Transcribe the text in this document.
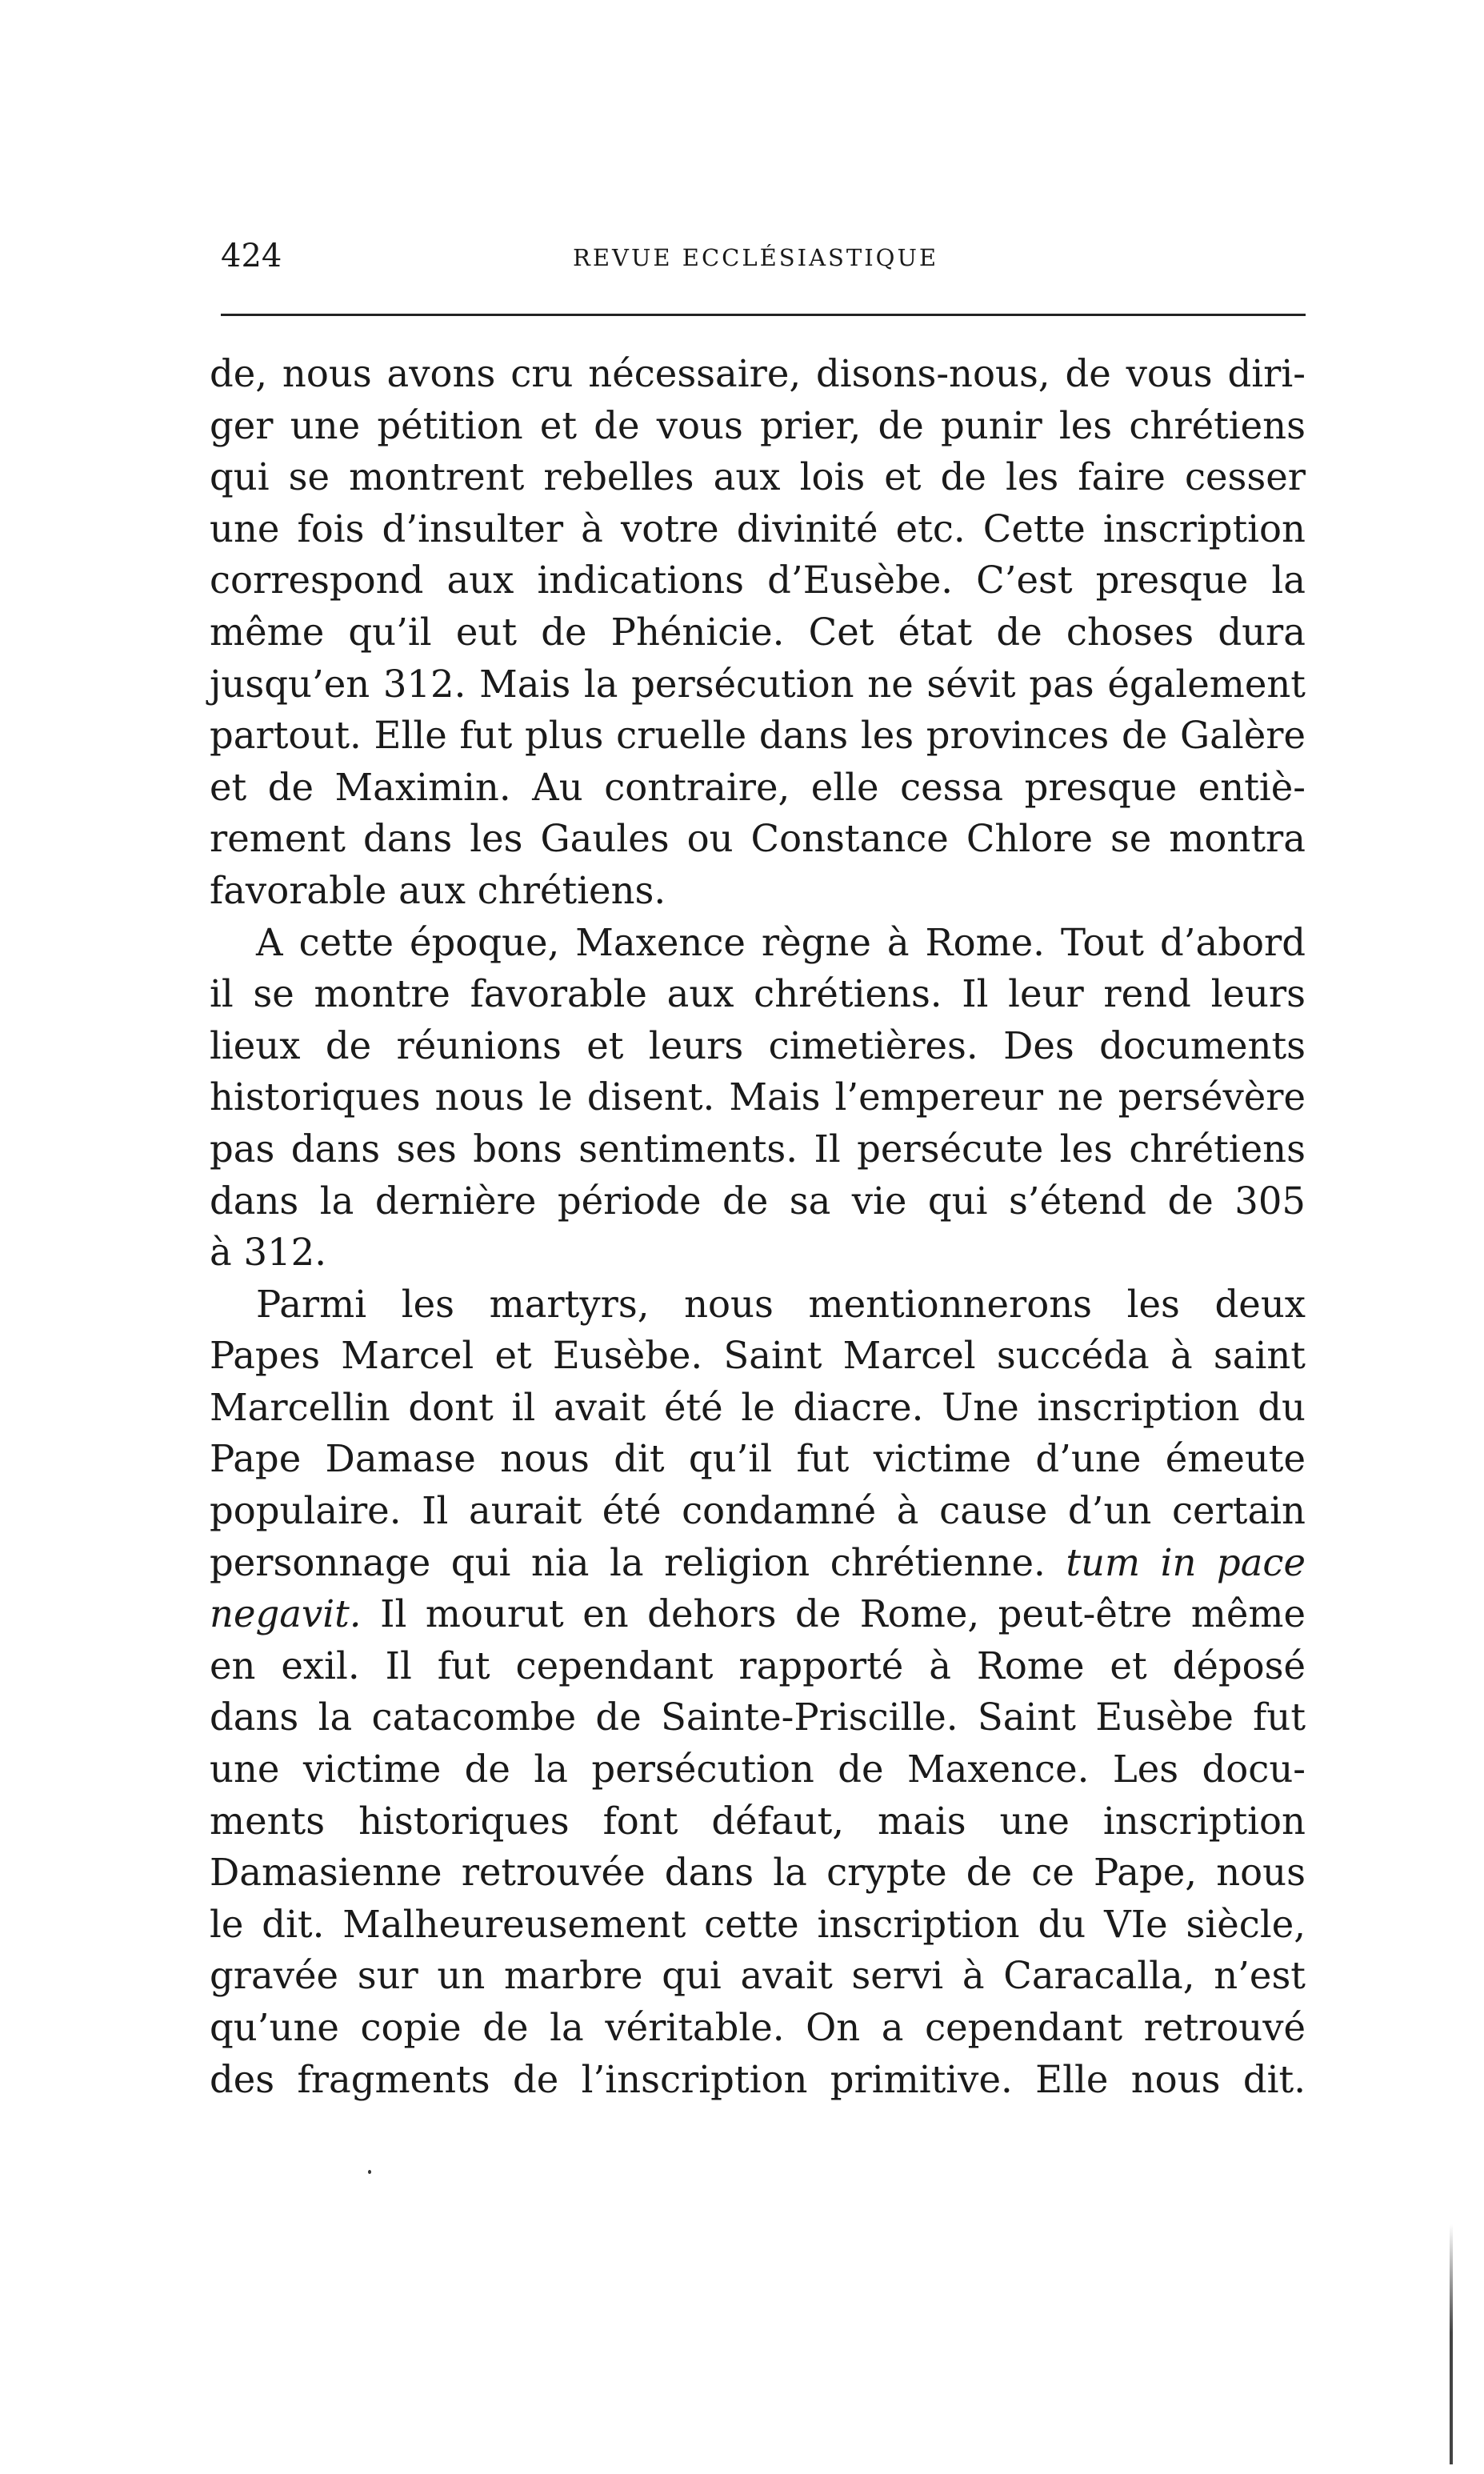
424	REVUE ECCLÉSIASTIQUE
de, nous avons cru nécessaire, disons-nous, de vous diri-
ger une pétition et de vous prier, de punir les chrétiens
qui se montrent rebelles aux lois et de les faire cesser
une fois d’insulter à votre divinité etc. Cette inscription
correspond aux indications d’Eusèbe. C’est presque la
même qu’il eut de Phénicie. Cet état de choses dura
jusqu’en 312. Mais la persécution ne sévit pas également
partout. Elle fut plus cruelle dans les provinces de Galère
et de Maximin. Au contraire, elle cessa presque entiè-
rement dans les Gaules ou Constance Chlore se montra
favorable aux chrétiens.
A cette époque, Maxence règne à Rome. Tout d’abord
il se montre favorable aux chrétiens. Il leur rend leurs
lieux de réunions et leurs cimetières. Des documents
historiques nous le disent. Mais l’empereur ne persévère
pas dans ses bons sentiments. Il persécute les chrétiens
dans la dernière période de sa vie qui s’étend de 305
à 312.
Parmi les martyrs, nous mentionnerons les deux
Papes Marcel et Eusèbe. Saint Marcel succéda à saint
Marcellin dont il avait été le diacre. Une inscription du
Pape Damase nous dit qu’il fut victime d’une émeute
populaire. Il aurait été condamné à cause d’un certain
personnage qui nia la religion chrétienne. tum in pace
negavit. Il mourut en dehors de Rome, peut-être même
en exil. Il fut cependant rapporté à Rome et déposé
dans la catacombe de Sainte-Priscille. Saint Eusèbe fut
une victime de la persécution de Maxence. Les docu-
ments historiques font défaut, mais une inscription
Damasienne retrouvée dans la crypte de ce Pape, nous
le dit. Malheureusement cette inscription du VIe siècle,
gravée sur un marbre qui avait servi à Caracalla, n’est
qu’une copie de la véritable. On a cependant retrouvé
des fragments de l’inscription primitive. Elle nous dit.
